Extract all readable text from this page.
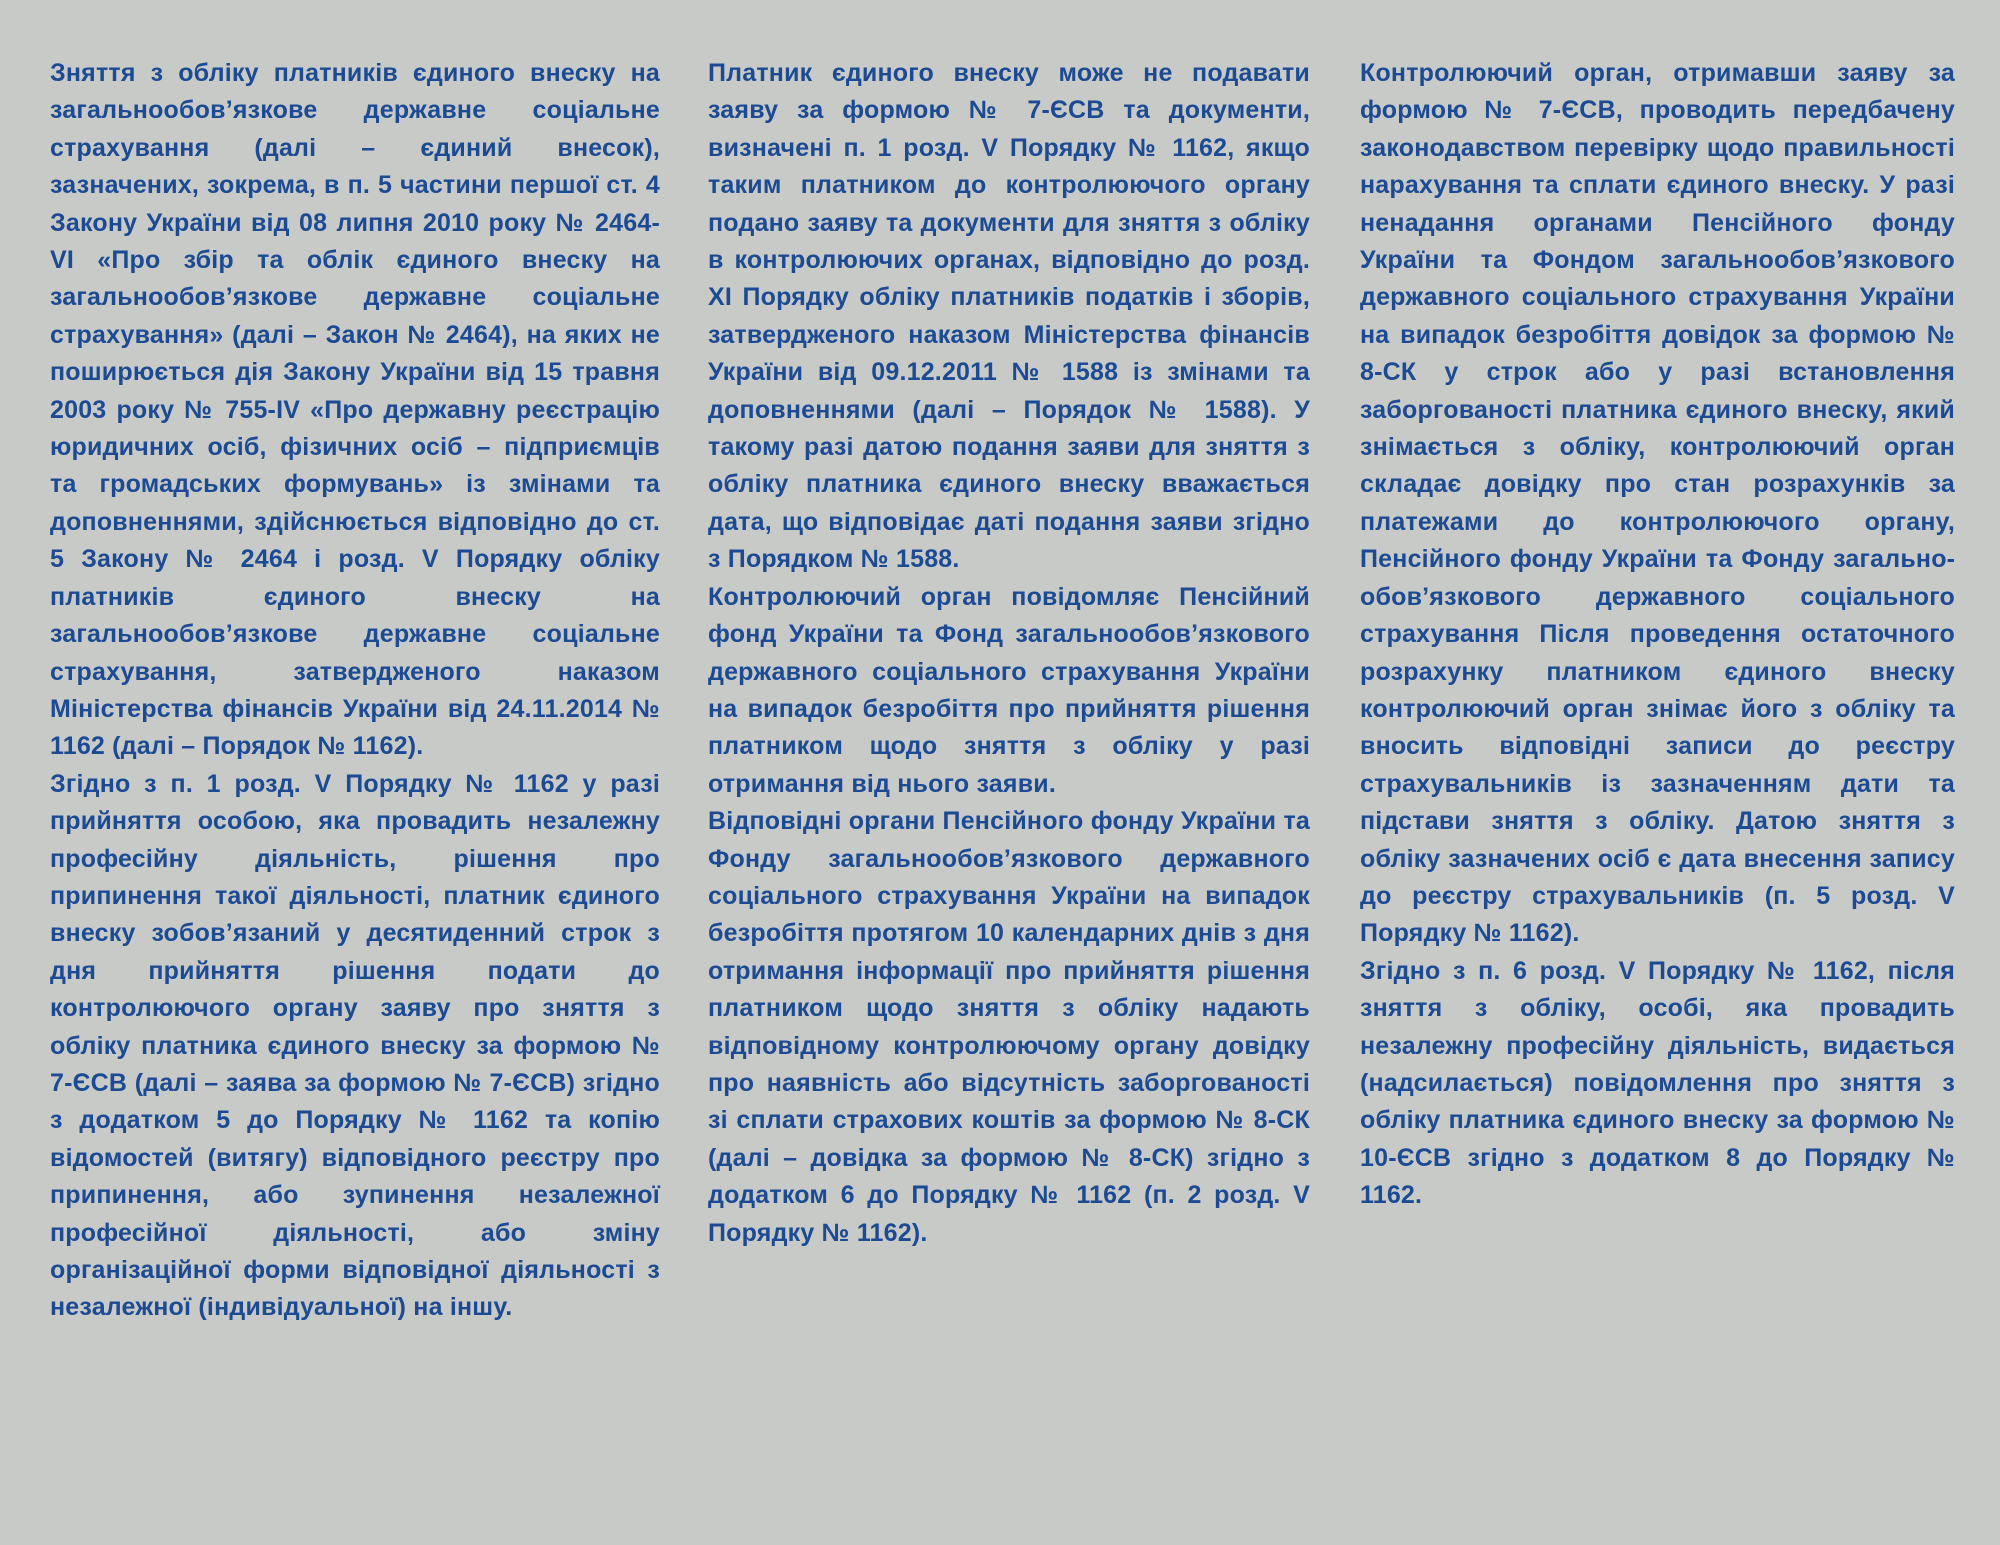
Зняття з обліку платників єдиного внеску на загальнообов’язкове державне соціальне страхування (далі – єдиний внесок), зазначених, зокрема, в п. 5 частини першої ст. 4 Закону України від 08 липня 2010 року № 2464-VI «Про збір та облік єдиного внеску на загальнообов’язкове державне соціальне страхування» (далі – Закон № 2464), на яких не поширюється дія Закону України від 15 травня 2003 року № 755-IV «Про державну реєстрацію юридичних осіб, фізичних осіб – підприємців та громадських формувань» із змінами та доповненнями, здійснюється відповідно до ст. 5 Закону № 2464 і розд. V Порядку обліку платників єдиного внеску на загальнообов’язкове державне соціальне страхування, затвердженого наказом Міністерства фінансів України від 24.11.2014 № 1162 (далі – Порядок № 1162).

Згідно з п. 1 розд. V Порядку № 1162 у разі прийняття особою, яка провадить незалежну професійну діяльність, рішення про припинення такої діяльності, платник єдиного внеску зобов’язаний у десятиденний строк з дня прийняття рішення подати до контролюючого органу заяву про зняття з обліку платника єдиного внеску за формою № 7-ЄСВ (далі – заява за формою № 7-ЄСВ) згідно з додатком 5 до Порядку № 1162 та копію відомостей (витягу) відповідного реєстру про припинення, або зупинення незалежної професійної діяльності, або зміну організаційної форми відповідної діяльності з незалежної (індивідуальної) на іншу.

Платник єдиного внеску може не подавати заяву за формою № 7-ЄСВ та документи, визначені п. 1 розд. V Порядку № 1162, якщо таким платником до контролюючого органу подано заяву та документи для зняття з обліку в контролюючих органах, відповідно до розд. XI Порядку обліку платників податків і зборів, затвердженого наказом Міністерства фінансів України від 09.12.2011 № 1588 із змінами та доповненнями (далі – Порядок № 1588). У такому разі датою подання заяви для зняття з обліку платника єдиного внеску вважається дата, що відповідає даті подання заяви згідно з Порядком № 1588.

Контролюючий орган повідомляє Пенсійний фонд України та Фонд загальнообов’язкового державного соціального страхування України на випадок безробіття про прийняття рішення платником щодо зняття з обліку у разі отримання від нього заяви.

Відповідні органи Пенсійного фонду України та Фонду загальнообов’язкового державного соціального страхування України на випадок безробіття протягом 10 календарних днів з дня отримання інформації про прийняття рішення платником щодо зняття з обліку надають відповідному контролюючому органу довідку про наявність або відсутність заборгованості зі сплати страхових коштів за формою № 8-СК (далі – довідка за формою № 8-СК) згідно з додатком 6 до Порядку № 1162 (п. 2 розд. V Порядку № 1162).

Контролюючий орган, отримавши заяву за формою № 7-ЄСВ, проводить передбачену законодавством перевірку щодо правильності нарахування та сплати єдиного внеску. У разі ненадання органами Пенсійного фонду України та Фондом загальнообов’язкового державного соціального страхування України на випадок безробіття довідок за формою № 8-СК у строк або у разі встановлення заборгованості платника єдиного внеску, який знімається з обліку, контролюючий орган складає довідку про стан розрахунків за платежами до контролюючого органу, Пенсійного фонду України та Фонду загальнообов’язкового державного соціального страхування Після проведення остаточного розрахунку платником єдиного внеску контролюючий орган знімає його з обліку та вносить відповідні записи до реєстру страхувальників із зазначенням дати та підстави зняття з обліку. Датою зняття з обліку зазначених осіб є дата внесення запису до реєстру страхувальників (п. 5 розд. V Порядку № 1162).

Згідно з п. 6 розд. V Порядку № 1162, після зняття з обліку, особі, яка провадить незалежну професійну діяльність, видається (надсилається) повідомлення про зняття з обліку платника єдиного внеску за формою № 10-ЄСВ згідно з додатком 8 до Порядку № 1162.
